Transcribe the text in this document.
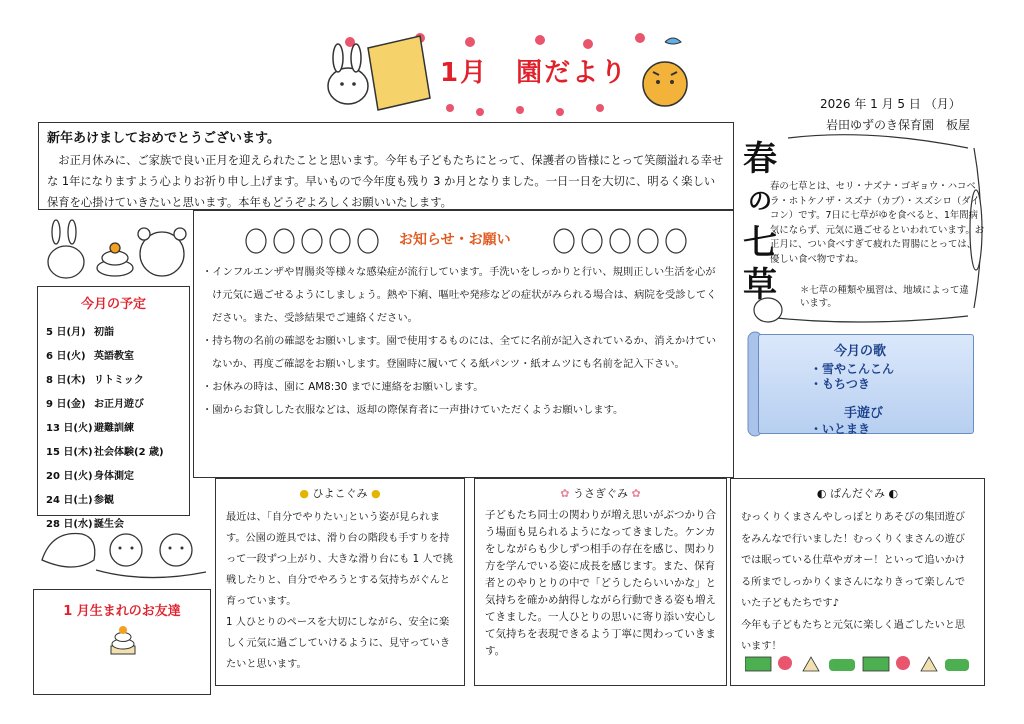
1月　園だより
2026 年 1 月 5 日 （月）
岩田ゆずのき保育園　板屋

新年あけましておめでとうございます。

お正月休みに、ご家族で良い正月を迎えられたことと思います。今年も子どもたちにとって、保護者の皆様にとって笑顔溢れる幸せな 1年になりますよう心よりお祈り申し上げます。早いもので今年度も残り 3 か月となりました。一日一日を大切に、明るく楽しい保育を心掛けていきたいと思います。本年もどうぞよろしくお願いいたします。

お知らせ・お願い
・インフルエンザや胃腸炎等様々な感染症が流行しています。手洗いをしっかりと行い、規則正しい生活を心がけ元気に過ごせるようにしましょう。熱や下痢、嘔吐や発疹などの症状がみられる場合は、病院を受診してください。また、受診結果でご連絡ください。
・持ち物の名前の確認をお願いします。園で使用するものには、全てに名前が記入されているか、消えかけていないか、再度ご確認をお願いします。登園時に履いてくる紙パンツ・紙オムツにも名前を記入下さい。
・お休みの時は、園に AM8:30 までに連絡をお願いします。
・園からお貸しした衣服などは、返却の際保育者に一声掛けていただくようお願いします。
今月の予定
5 日(月) 初詣
6 日(火) 英語教室
8 日(木) リトミック
9 日(金) お正月遊び
13 日(火) 避難訓練
15 日(木) 社会体験(2 歳)
20 日(火) 身体測定
24 日(土) 参観
28 日(水) 誕生会
1 月生まれのお友達
● ひよこぐみ ●

最近は、｢自分でやりたい｣という姿が見られます。公園の遊具では、滑り台の階段も手すりを持って一段ずつ上がり、大きな滑り台にも 1 人で挑戦したりと、自分でやろうとする気持ちがぐんと育っています。

1 人ひとりのペースを大切にしながら、安全に楽しく元気に過ごしていけるように、見守っていきたいと思います。

✿ うさぎぐみ ✿

子どもたち同士の関わりが増え思いがぶつかり合う場面も見られるようになってきました。ケンカをしながらも少しずつ相手の存在を感じ、関わり方を学んでいる姿に成長を感じます。また、保育者とのやりとりの中で「どうしたらいいかな」と気持ちを確かめ納得しながら行動できる姿も増えてきました。一人ひとりの思いに寄り添い安心して気持ちを表現できるよう丁寧に関わっていきます。

◐ ぱんだぐみ ◐

むっくりくまさんやしっぽとりあそびの集団遊びをみんなで行いました！むっくりくまさんの遊びでは眠っている仕草やガオー！といって追いかける所までしっかりくまさんになりきって楽しんでいた子どもたちです♪

今年も子どもたちと元気に楽しく過ごしたいと思います！

春
の
七
草
春の七草とは、セリ・ナズナ・ゴギョウ・ハコベラ・ホトケノザ・スズナ（カブ）・スズシロ（ダイコン）です。7日に七草がゆを食べると、1年間病気にならず、元気に過ごせるといわれています。お正月に、つい食べすぎて疲れた胃腸にとっては、優しい食べ物ですね。
＊七草の種類や風習は、地域によって違います。
今月の歌
・雪やこんこん
・もちつき
手遊び
・いとまき
